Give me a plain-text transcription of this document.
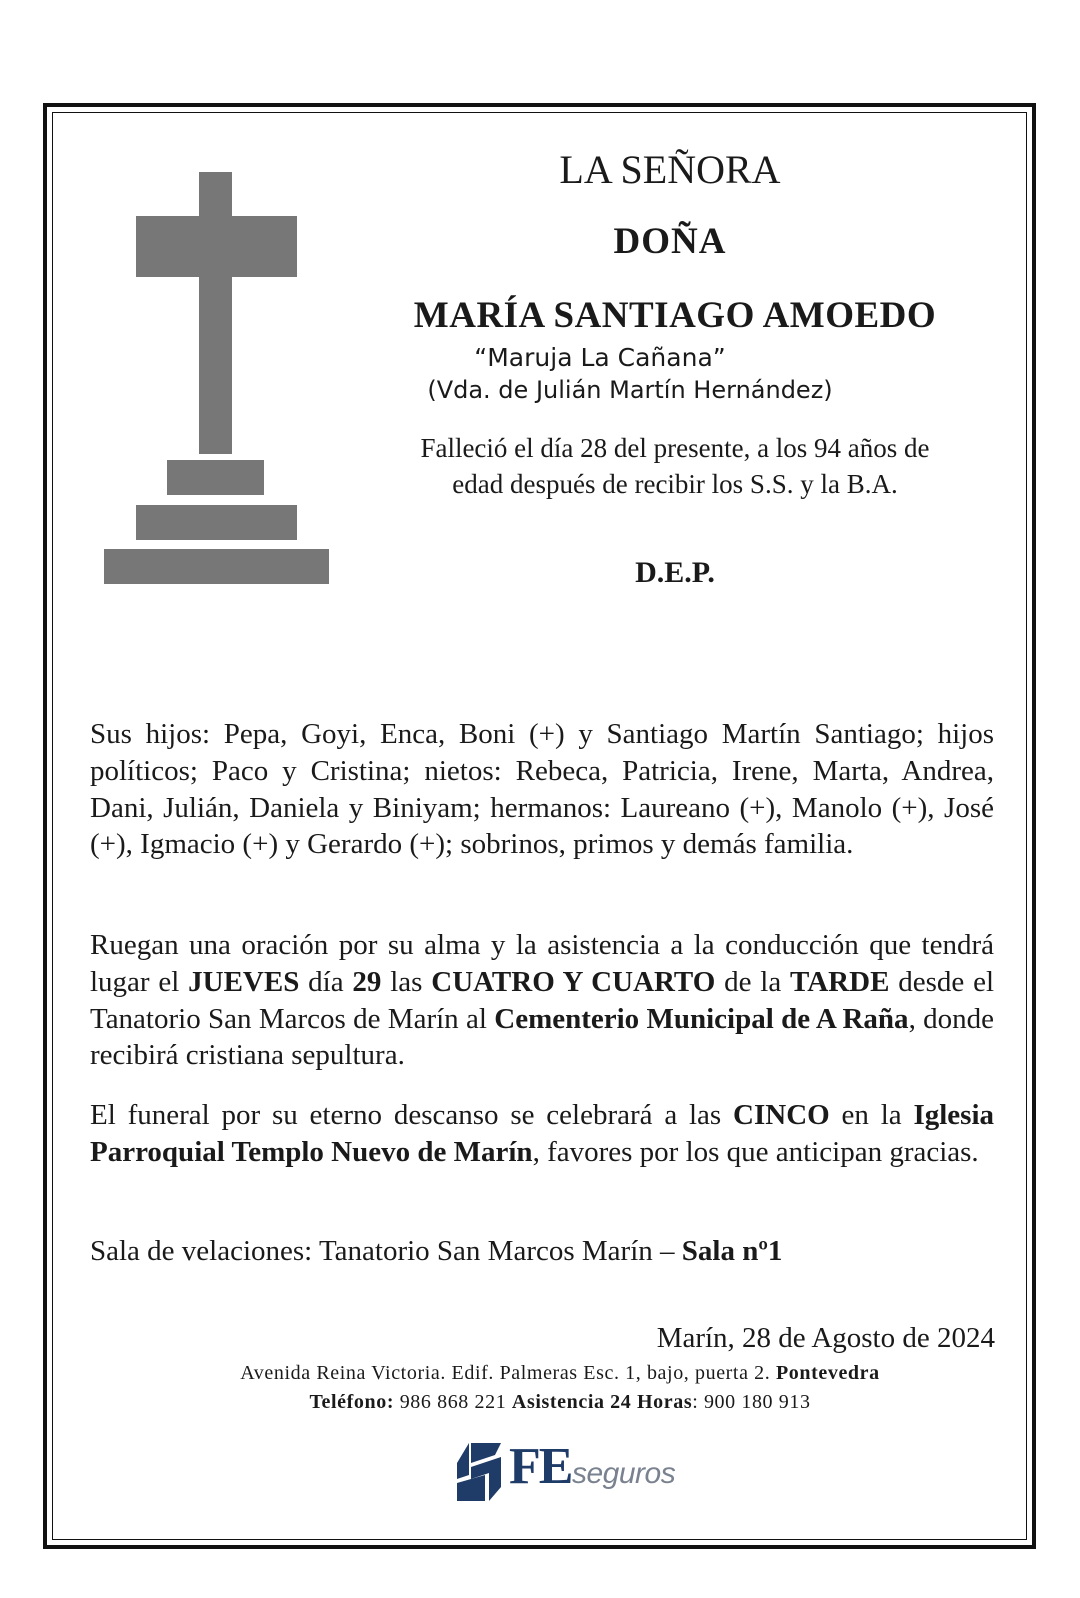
LA SEÑORA
DOÑA
MARÍA SANTIAGO AMOEDO
“Maruja La Cañana”
(Vda. de Julián Martín Hernández)
Falleció el día 28 del presente, a los 94 años de
edad después de recibir los S.S. y la B.A.
D.E.P.

Sus hijos: Pepa, Goyi, Enca, Boni (+) y Santiago Martín Santiago; hijos políticos; Paco y Cristina; nietos: Rebeca, Patricia, Irene, Marta, Andrea, Dani, Julián, Daniela y Biniyam; hermanos: Laureano (+), Manolo (+), José (+), Igmacio (+) y Gerardo (+); sobrinos, primos y demás familia.

Ruegan una oración por su alma y la asistencia a la conducción que tendrá lugar el JUEVES día 29 las CUATRO Y CUARTO de la TARDE desde el Tanatorio San Marcos de Marín al Cementerio Municipal de A Raña, donde recibirá cristiana sepultura.

El funeral por su eterno descanso se celebrará a las CINCO en la Iglesia Parroquial Templo Nuevo de Marín, favores por los que anticipan gracias.

Sala de velaciones: Tanatorio San Marcos Marín – Sala nº1

Marín, 28 de Agosto de 2024
Avenida Reina Victoria. Edif. Palmeras Esc. 1, bajo, puerta 2. Pontevedra
Teléfono: 986 868 221 Asistencia 24 Horas: 900 180 913
FE seguros
